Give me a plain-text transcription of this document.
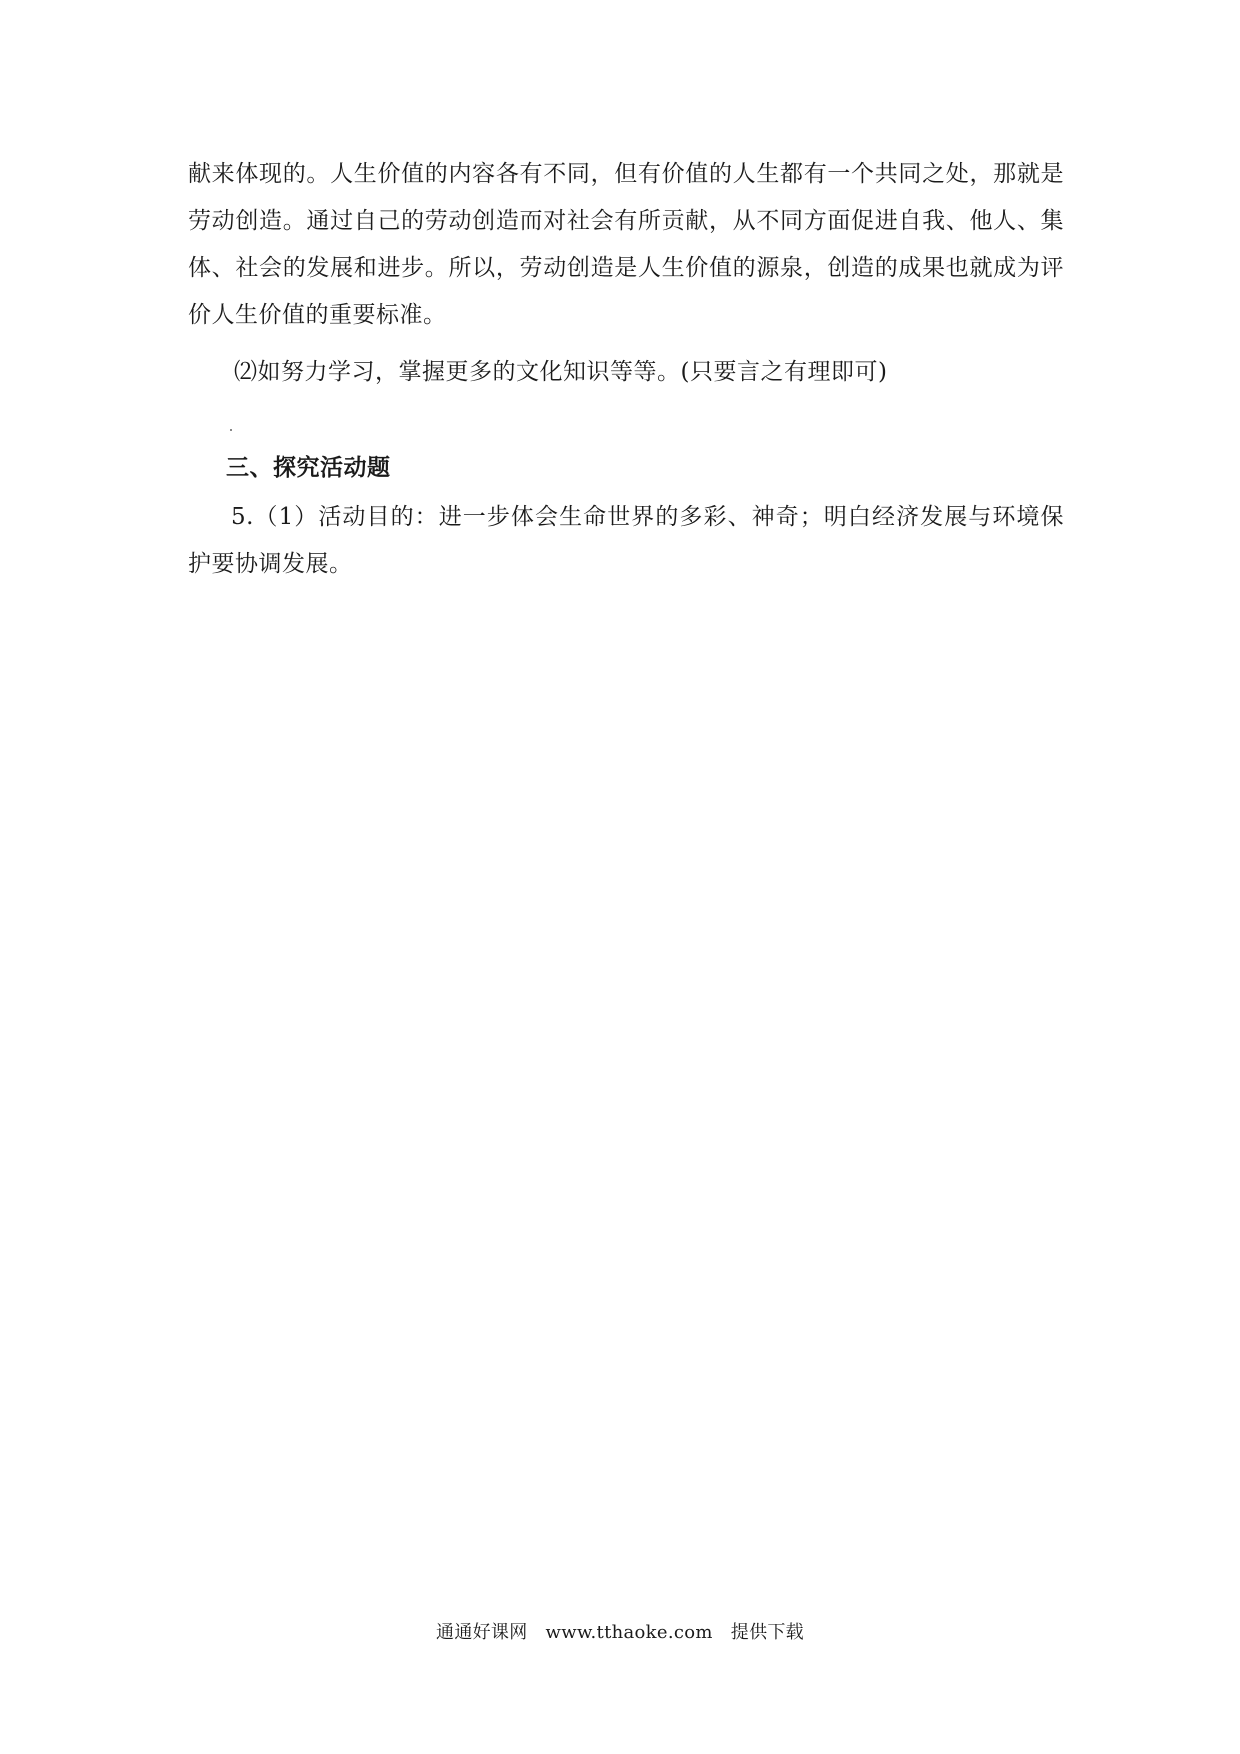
献来体现的。人生价值的内容各有不同，但有价值的人生都有一个共同之处，那就是劳动创造。通过自己的劳动创造而对社会有所贡献，从不同方面促进自我、他人、集体、社会的发展和进步。所以，劳动创造是人生价值的源泉，创造的成果也就成为评价人生价值的重要标准。

⑵如努力学习，掌握更多的文化知识等等。(只要言之有理即可)

三、探究活动题

5.（1）活动目的：进一步体会生命世界的多彩、神奇；明白经济发展与环境保护要协调发展。

通通好课网 www.tthaoke.com 提供下载
